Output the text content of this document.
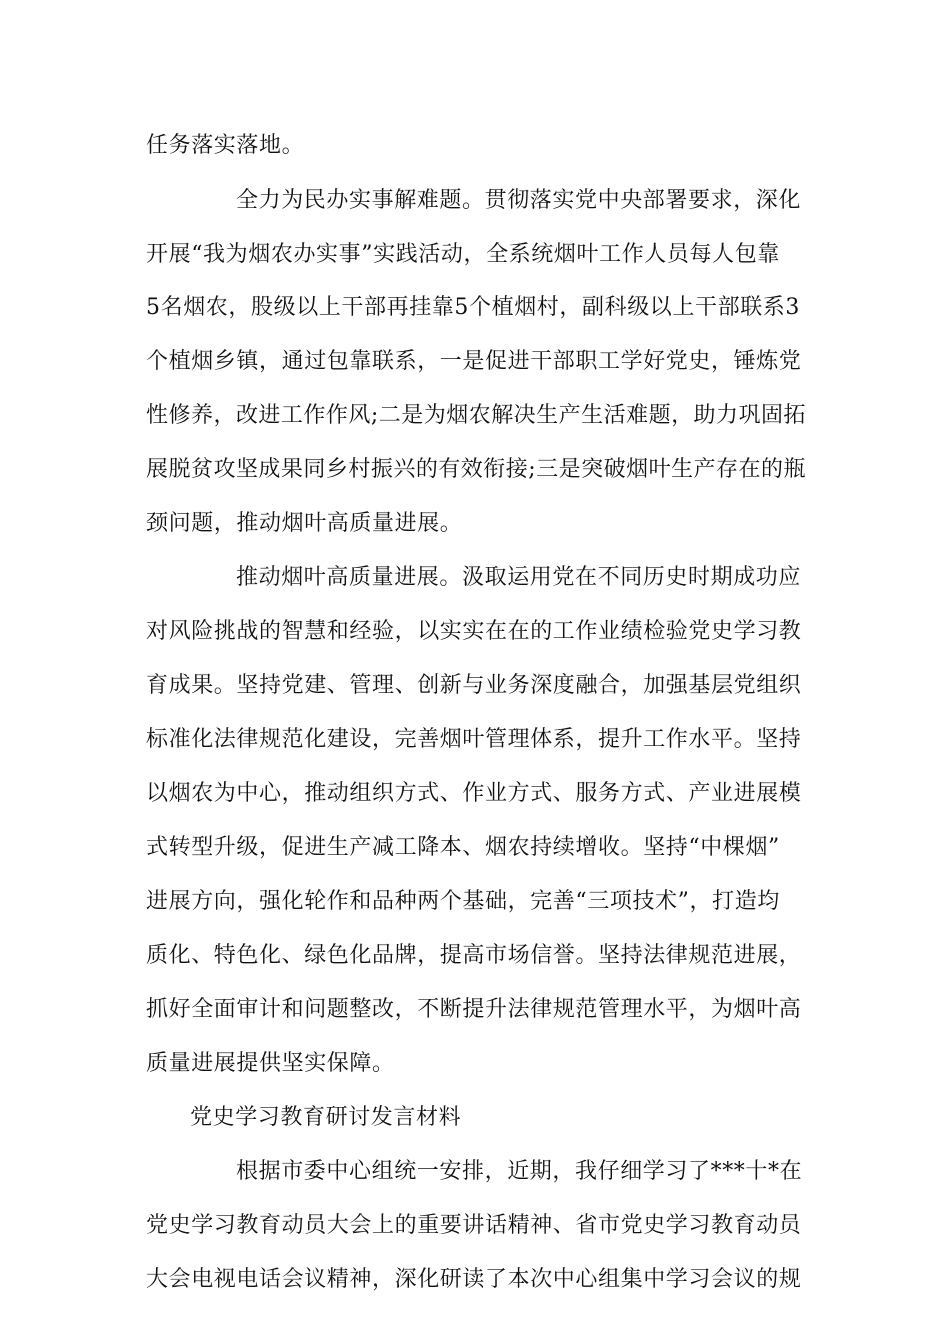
任务落实落地。
全力为民办实事解难题。贯彻落实党中央部署要求，深化
开展“我为烟农办实事”实践活动，全系统烟叶工作人员每人包靠
5名烟农，股级以上干部再挂靠5个植烟村，副科级以上干部联系3
个植烟乡镇，通过包靠联系，一是促进干部职工学好党史，锤炼党
性修养，改进工作作风;二是为烟农解决生产生活难题，助力巩固拓
展脱贫攻坚成果同乡村振兴的有效衔接;三是突破烟叶生产存在的瓶
颈问题，推动烟叶高质量进展。
推动烟叶高质量进展。汲取运用党在不同历史时期成功应
对风险挑战的智慧和经验，以实实在在的工作业绩检验党史学习教
育成果。坚持党建、管理、创新与业务深度融合，加强基层党组织
标准化法律规范化建设，完善烟叶管理体系，提升工作水平。坚持
以烟农为中心，推动组织方式、作业方式、服务方式、产业进展模
式转型升级，促进生产减工降本、烟农持续增收。坚持“中棵烟”
进展方向，强化轮作和品种两个基础，完善“三项技术”，打造均
质化、特色化、绿色化品牌，提高市场信誉。坚持法律规范进展，
抓好全面审计和问题整改，不断提升法律规范管理水平，为烟叶高
质量进展提供坚实保障。
党史学习教育研讨发言材料
根据市委中心组统一安排，近期，我仔细学习了***十*在
党史学习教育动员大会上的重要讲话精神、省市党史学习教育动员
大会电视电话会议精神，深化研读了本次中心组集中学习会议的规
